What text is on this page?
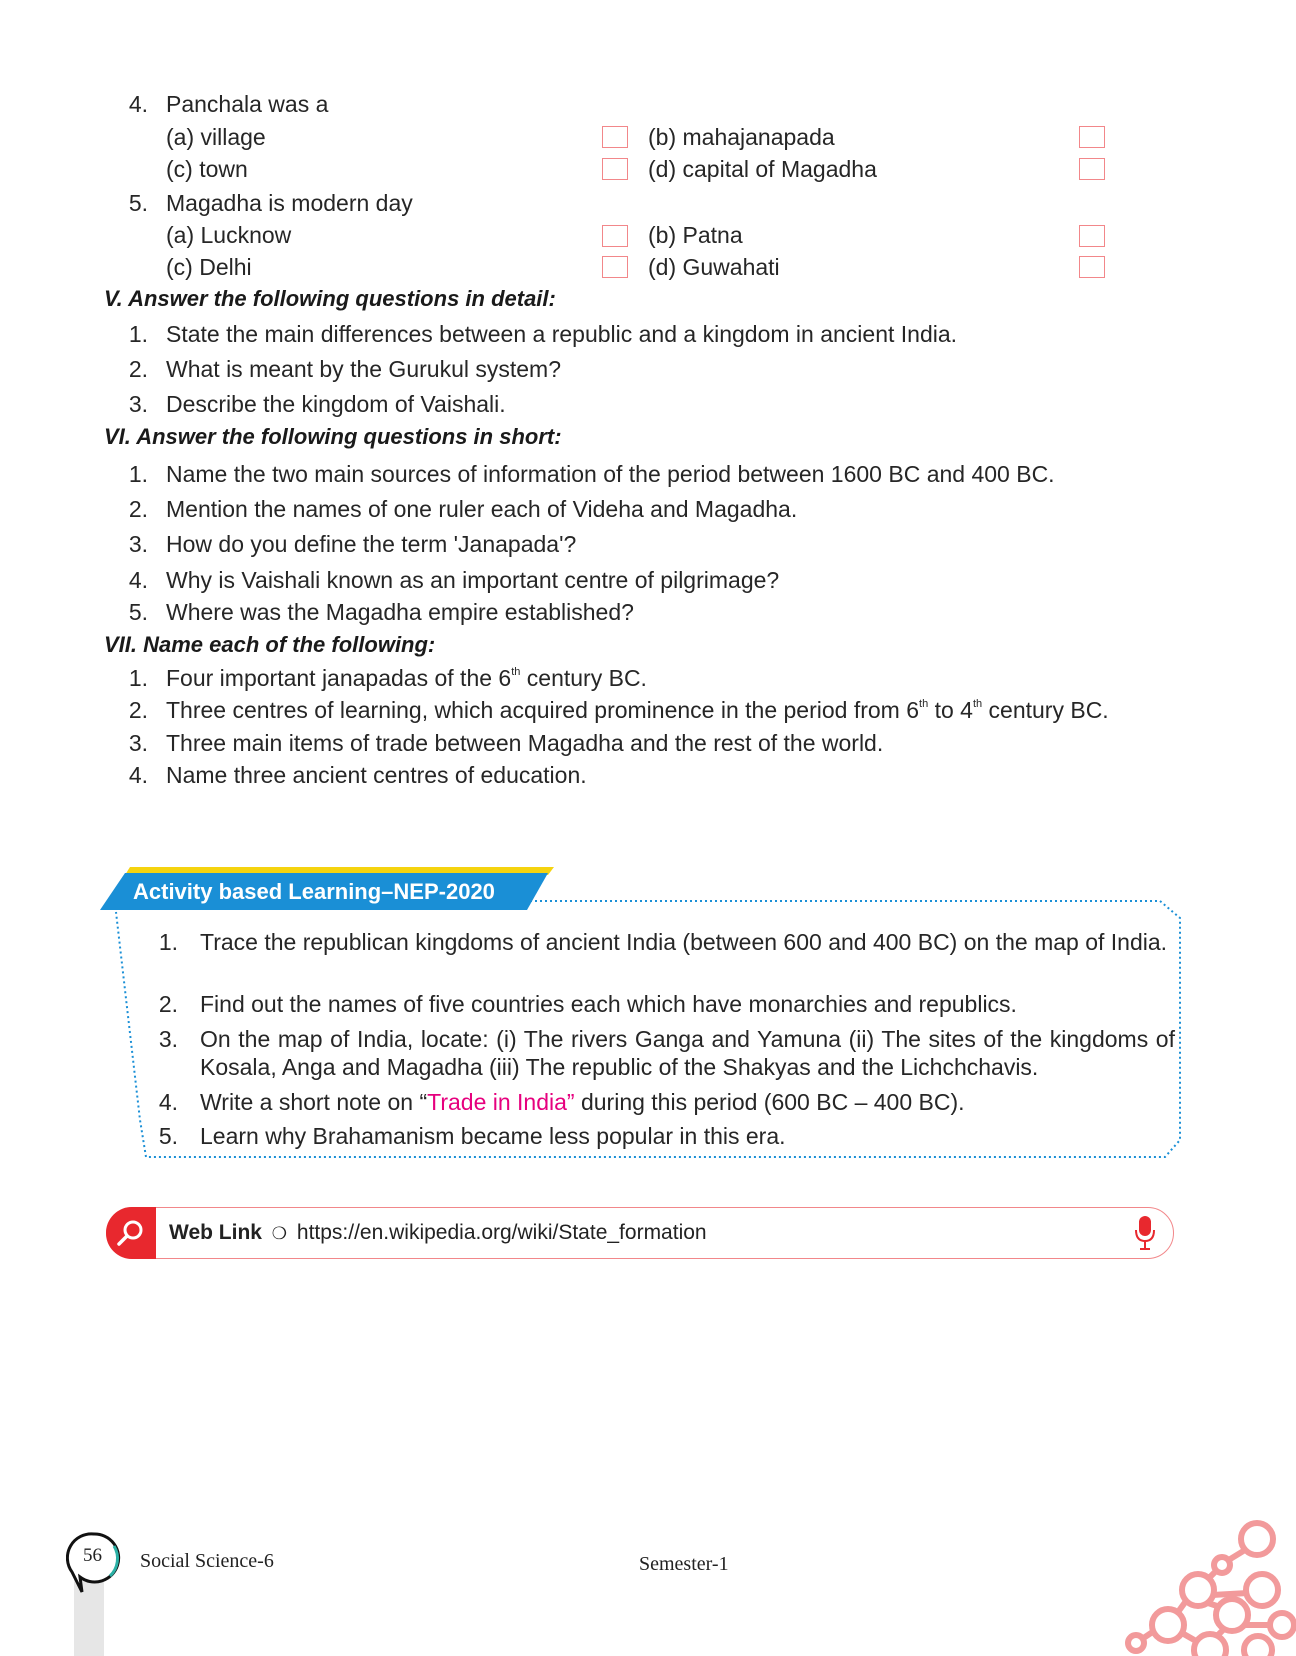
4. Panchala was a
(a) village	(b) mahajanapada
(c) town	(d) capital of Magadha
5. Magadha is modern day
(a) Lucknow	(b) Patna
(c) Delhi	(d) Guwahati
V. Answer the following questions in detail:
1. State the main differences between a republic and a kingdom in ancient India.
2. What is meant by the Gurukul system?
3. Describe the kingdom of Vaishali.
VI. Answer the following questions in short:
1. Name the two main sources of information of the period between 1600 BC and 400 BC.
2. Mention the names of one ruler each of Videha and Magadha.
3. How do you define the term 'Janapada'?
4. Why is Vaishali known as an important centre of pilgrimage?
5. Where was the Magadha empire established?
VII. Name each of the following:
1. Four important janapadas of the 6th century BC.
2. Three centres of learning, which acquired prominence in the period from 6th to 4th century BC.
3. Three main items of trade between Magadha and the rest of the world.
4. Name three ancient centres of education.
Activity based Learning–NEP-2020
1. Trace the republican kingdoms of ancient India (between 600 and 400 BC) on the map of India.
2. Find out the names of five countries each which have monarchies and republics.
3. On the map of India, locate: (i) The rivers Ganga and Yamuna (ii) The sites of the kingdoms of Kosala, Anga and Magadha (iii) The republic of the Shakyas and the Lichchchavis.
4. Write a short note on “Trade in India” during this period (600 BC – 400 BC).
5. Learn why Brahamanism became less popular in this era.
Web Link ❍ https://en.wikipedia.org/wiki/State_formation
56 Social Science-6	Semester-1
